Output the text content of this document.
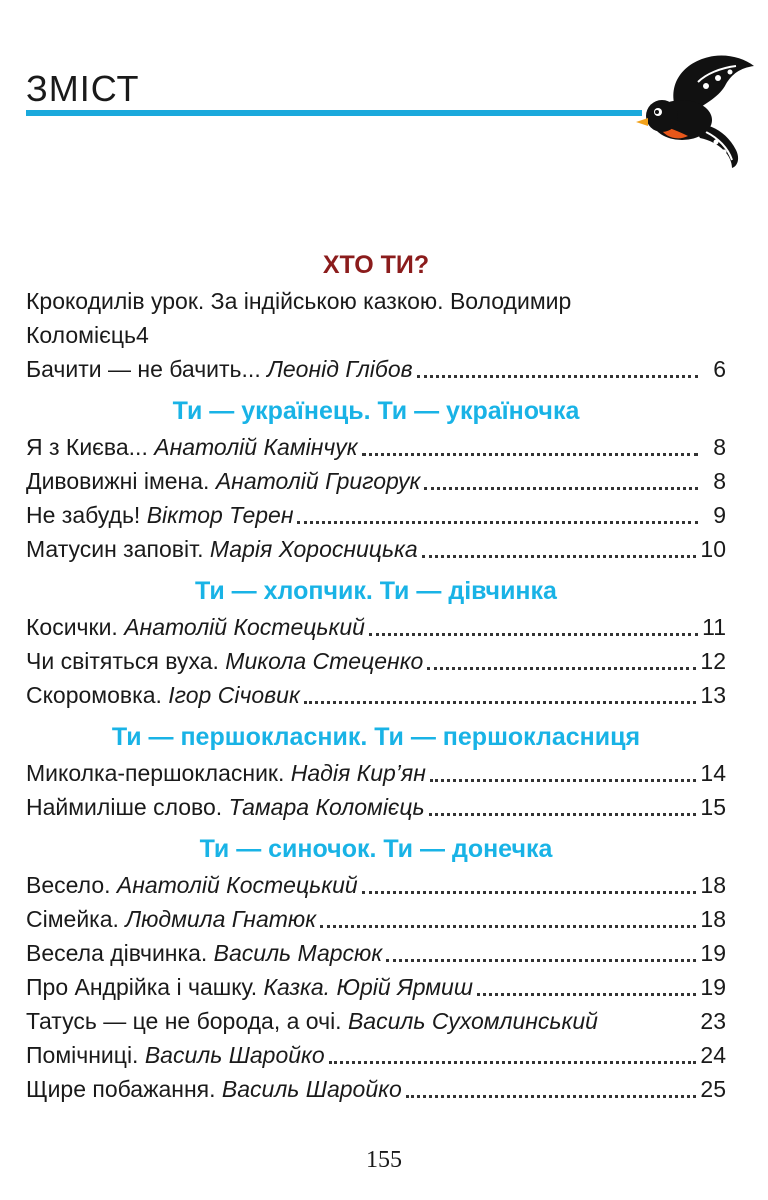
ЗМІСТ
ХТО ТИ?
Крокодилів урок. За індійською казкою. Володимир
Коломієць 4
Бачити — не бачить... Леонід Глібов	6
Ти — українець. Ти — україночка
Я з Києва... Анатолій Камінчук	8
Дивовижні імена. Анатолій Григорук	8
Не забудь! Віктор Терен	9
Матусин заповіт. Марія Хоросницька	10
Ти — хлопчик. Ти — дівчинка
Косички. Анатолій Костецький	11
Чи світяться вуха. Микола Стеценко	12
Скоромовка. Ігор Січовик	13
Ти — першокласник. Ти — першокласниця
Миколка-першокласник. Надія Кир’ян	14
Наймиліше слово. Тамара Коломієць	15
Ти — синочок. Ти — донечка
Весело. Анатолій Костецький	18
Сімейка. Людмила Гнатюк	18
Весела дівчинка. Василь Марсюк	19
Про Андрійка і чашку. Казка. Юрій Ярмиш	19
Татусь — це не борода, а очі. Василь Сухомлинський	23
Помічниці. Василь Шаройко	24
Щире побажання. Василь Шаройко	25
155
